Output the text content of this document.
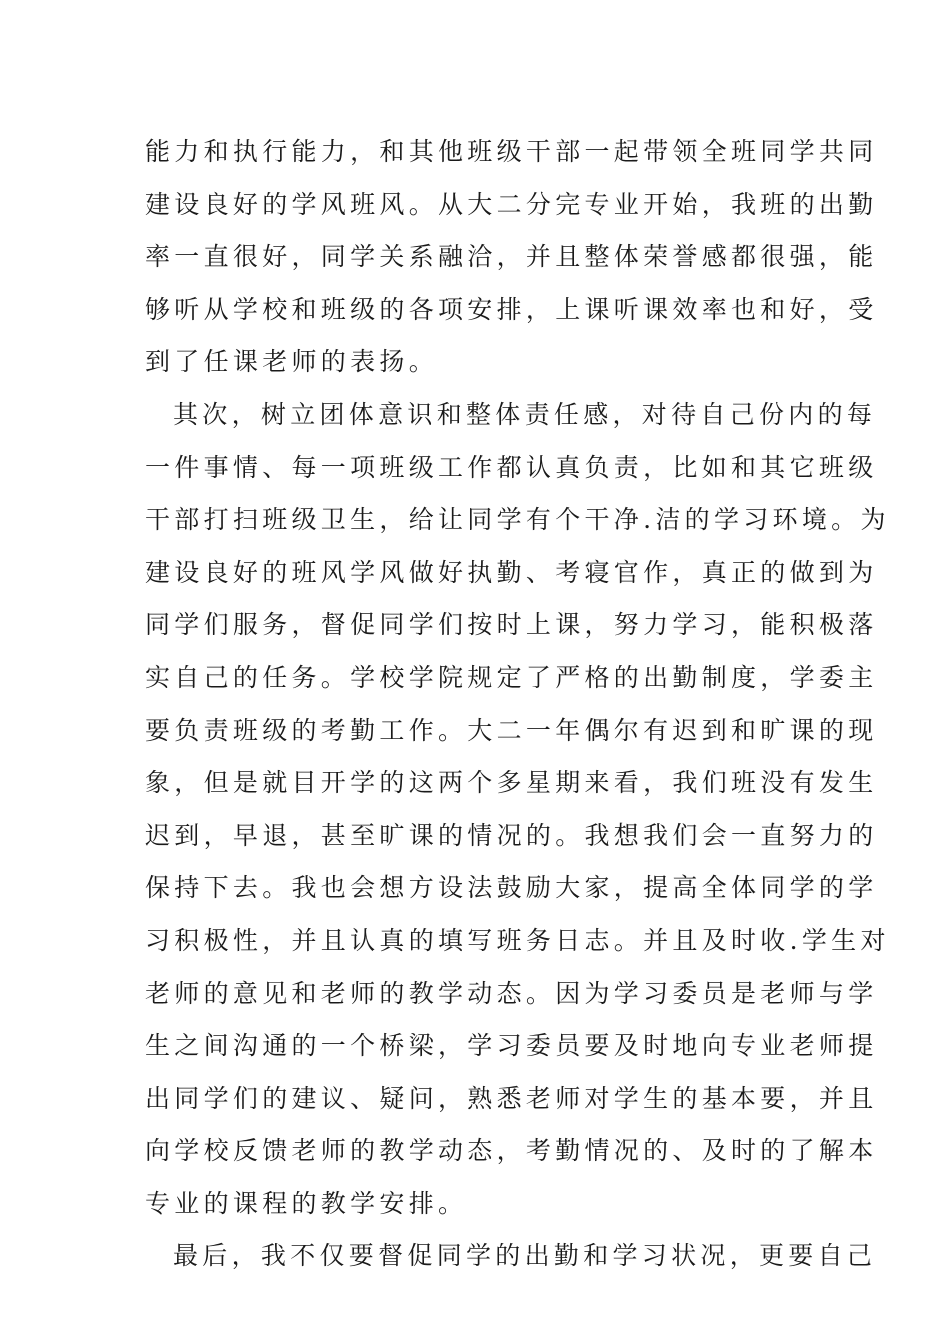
能力和执行能力，和其他班级干部一起带领全班同学共同
建设良好的学风班风。从大二分完专业开始，我班的出勤
率一直很好，同学关系融洽，并且整体荣誉感都很强，能
够听从学校和班级的各项安排，上课听课效率也和好，受
到了任课老师的表扬。
其次，树立团体意识和整体责任感，对待自己份内的每
一件事情、每一项班级工作都认真负责，比如和其它班级
干部打扫班级卫生，给让同学有个干净.洁的学习环境。为
建设良好的班风学风做好执勤、考寝官作，真正的做到为
同学们服务，督促同学们按时上课，努力学习，能积极落
实自己的任务。学校学院规定了严格的出勤制度，学委主
要负责班级的考勤工作。大二一年偶尔有迟到和旷课的现
象，但是就目开学的这两个多星期来看，我们班没有发生
迟到，早退，甚至旷课的情况的。我想我们会一直努力的
保持下去。我也会想方设法鼓励大家，提高全体同学的学
习积极性，并且认真的填写班务日志。并且及时收.学生对
老师的意见和老师的教学动态。因为学习委员是老师与学
生之间沟通的一个桥梁，学习委员要及时地向专业老师提
出同学们的建议、疑问，熟悉老师对学生的基本要，并且
向学校反馈老师的教学动态，考勤情况的、及时的了解本
专业的课程的教学安排。
最后，我不仅要督促同学的出勤和学习状况，更要自己
